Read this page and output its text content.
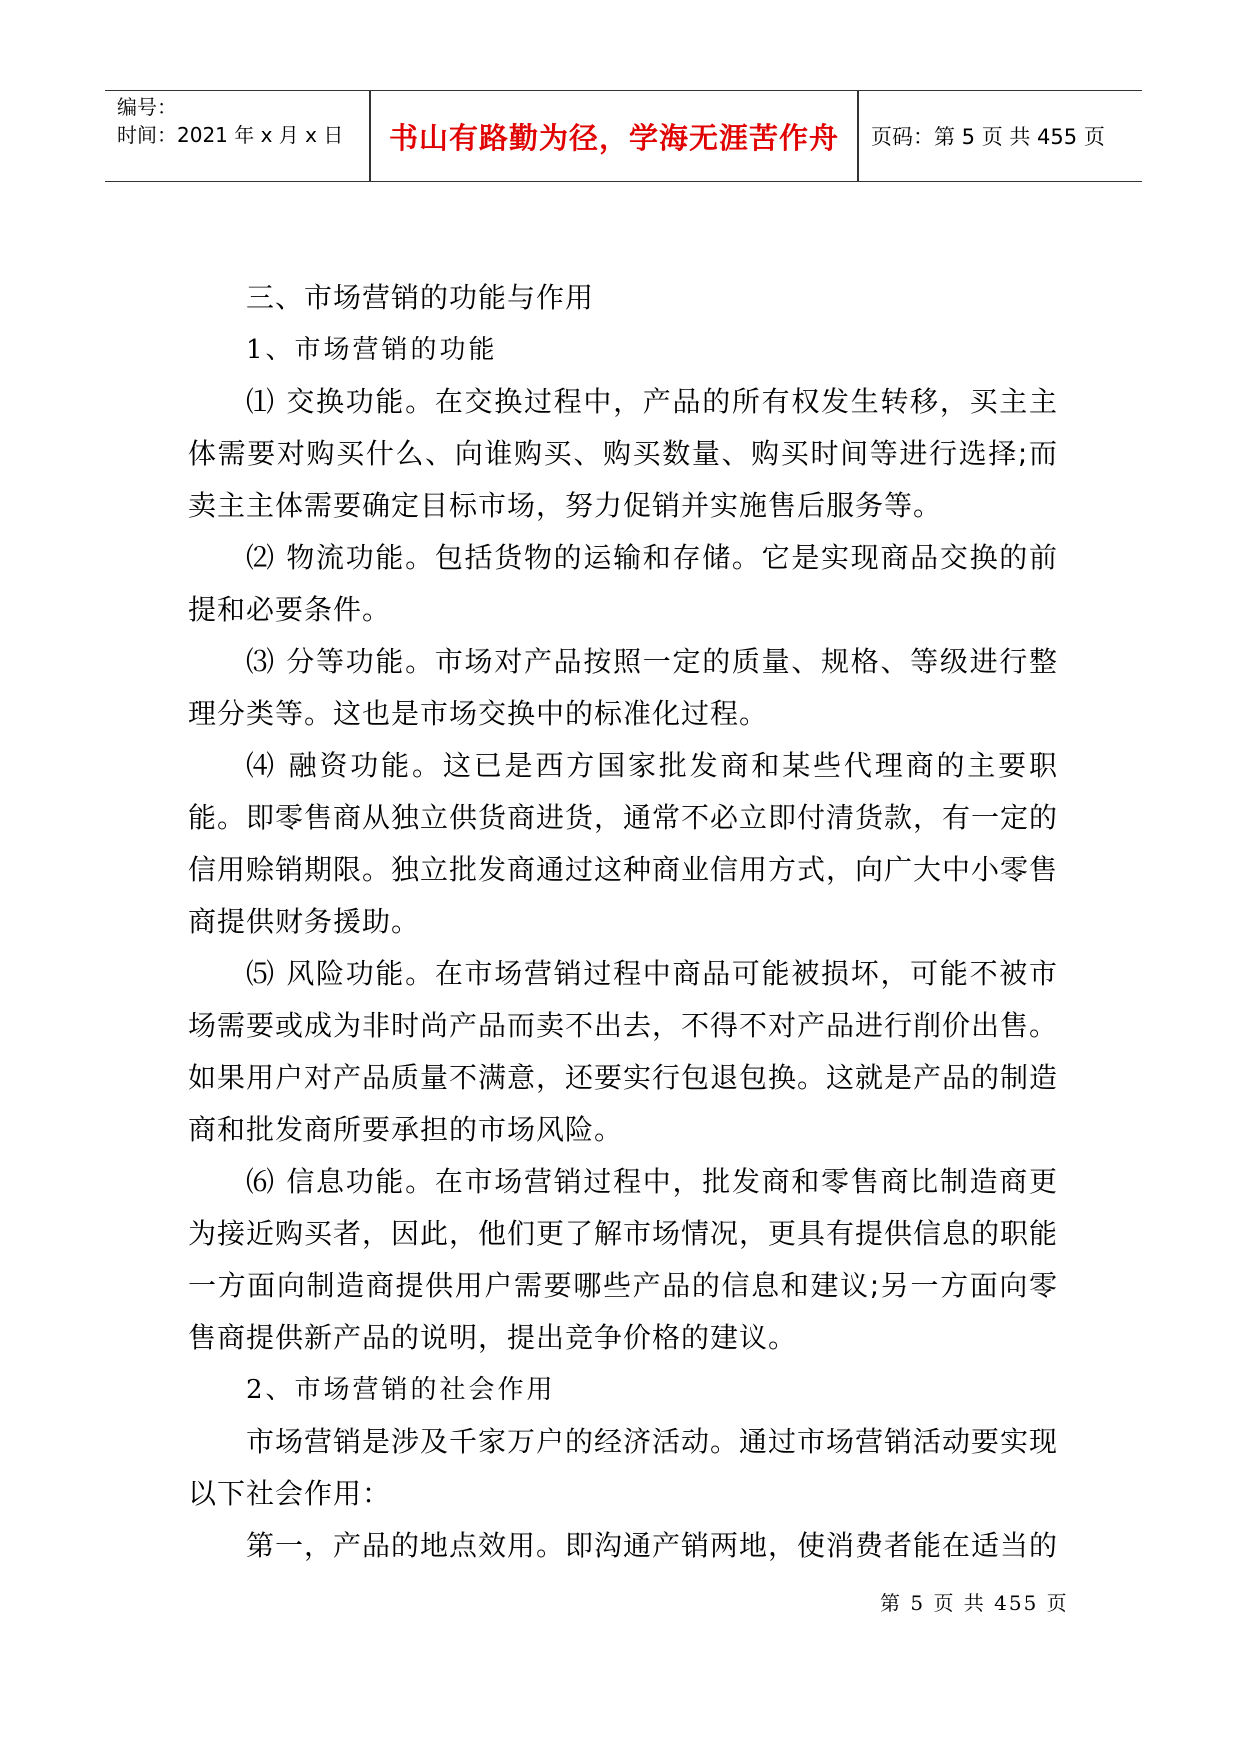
编号：
时间：2021 年 x 月 x 日	书山有路勤为径，学海无涯苦作舟	页码：第 5 页 共 455 页

三、市场营销的功能与作用

1、市场营销的功能

⑴ 交换功能。在交换过程中，产品的所有权发生转移，买主主体需要对购买什么、向谁购买、购买数量、购买时间等进行选择;而卖主主体需要确定目标市场，努力促销并实施售后服务等。

⑵ 物流功能。包括货物的运输和存储。它是实现商品交换的前提和必要条件。

⑶ 分等功能。市场对产品按照一定的质量、规格、等级进行整理分类等。这也是市场交换中的标准化过程。

⑷ 融资功能。这已是西方国家批发商和某些代理商的主要职能。即零售商从独立供货商进货，通常不必立即付清货款，有一定的信用赊销期限。独立批发商通过这种商业信用方式，向广大中小零售商提供财务援助。

⑸ 风险功能。在市场营销过程中商品可能被损坏，可能不被市场需要或成为非时尚产品而卖不出去，不得不对产品进行削价出售。如果用户对产品质量不满意，还要实行包退包换。这就是产品的制造商和批发商所要承担的市场风险。

⑹ 信息功能。在市场营销过程中，批发商和零售商比制造商更为接近购买者，因此，他们更了解市场情况，更具有提供信息的职能一方面向制造商提供用户需要哪些产品的信息和建议;另一方面向零售商提供新产品的说明，提出竞争价格的建议。

2、市场营销的社会作用

市场营销是涉及千家万户的经济活动。通过市场营销活动要实现以下社会作用：

第一，产品的地点效用。即沟通产销两地，使消费者能在适当的

第 5 页 共 455 页
